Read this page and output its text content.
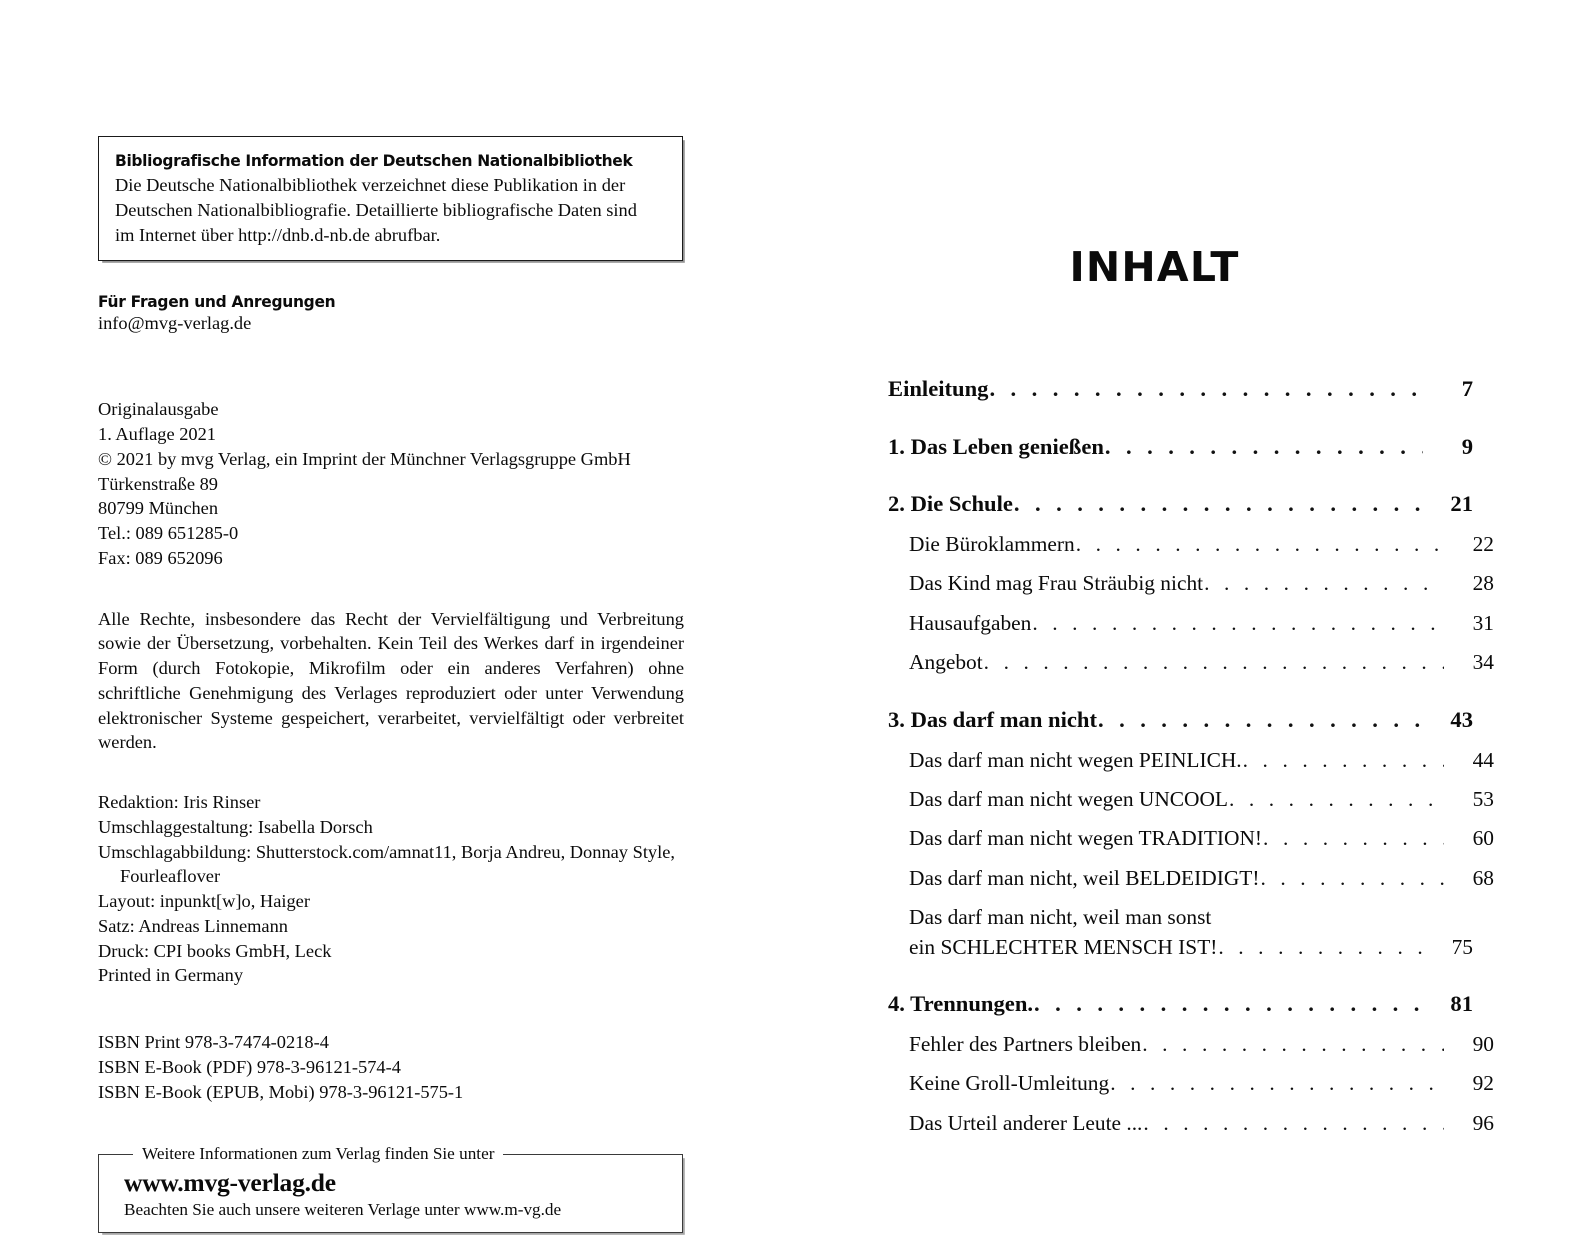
Bibliografische Information der Deutschen Nationalbibliothek

Die Deutsche Nationalbibliothek verzeichnet diese Publikation in der
Deutschen Nationalbibliografie. Detaillierte bibliografische Daten sind
im Internet über http://dnb.d-nb.de abrufbar.

Für Fragen und Anregungen

info@mvg-verlag.de

Originalausgabe
1. Auflage 2021
© 2021 by mvg Verlag, ein Imprint der Münchner Verlagsgruppe GmbH
Türkenstraße 89
80799 München
Tel.: 089 651285-0
Fax: 089 652096

Alle Rechte, insbesondere das Recht der Vervielfältigung und Verbreitung sowie der Übersetzung, vorbehalten. Kein Teil des Werkes darf in irgendeiner Form (durch Fotokopie, Mikrofilm oder ein anderes Verfahren) ohne schriftliche Genehmigung des Verlages reproduziert oder unter Verwendung elektronischer Systeme gespeichert, verarbeitet, vervielfältigt oder verbreitet werden.

Redaktion: Iris Rinser
Umschlaggestaltung: Isabella Dorsch

Umschlagabbildung: Shutterstock.com/amnat11, Borja Andreu, Donnay Style, Fourleaflover
Layout: inpunkt[w]o, Haiger
Satz: Andreas Linnemann
Druck: CPI books GmbH, Leck
Printed in Germany

ISBN Print 978-3-7474-0218-4
ISBN E-Book (PDF) 978-3-96121-574-4
ISBN E-Book (EPUB, Mobi) 978-3-96121-575-1

Weitere Informationen zum Verlag finden Sie unter
www.mvg-verlag.de
Beachten Sie auch unsere weiteren Verlage unter www.m-vg.de
INHALT
Einleitung . . .	7
1. Das Leben genießen . . .	9
2. Die Schule . . .	21
Die Büroklammern . . .	22
Das Kind mag Frau Sträubig nicht . . .	28
Hausaufgaben . . .	31
Angebot . . .	34
3. Das darf man nicht . . .	43
Das darf man nicht wegen PEINLICH. . . .	44
Das darf man nicht wegen UNCOOL . . .	53
Das darf man nicht wegen TRADITION! . . .	60
Das darf man nicht, weil BELDEIDIGT! . . .	68
Das darf man nicht, weil man sonst
ein SCHLECHTER MENSCH IST! . . .	75
4. Trennungen. . . .	81
Fehler des Partners bleiben . . .	90
Keine Groll-Umleitung . . .	92
Das Urteil anderer Leute ... . . .	96
